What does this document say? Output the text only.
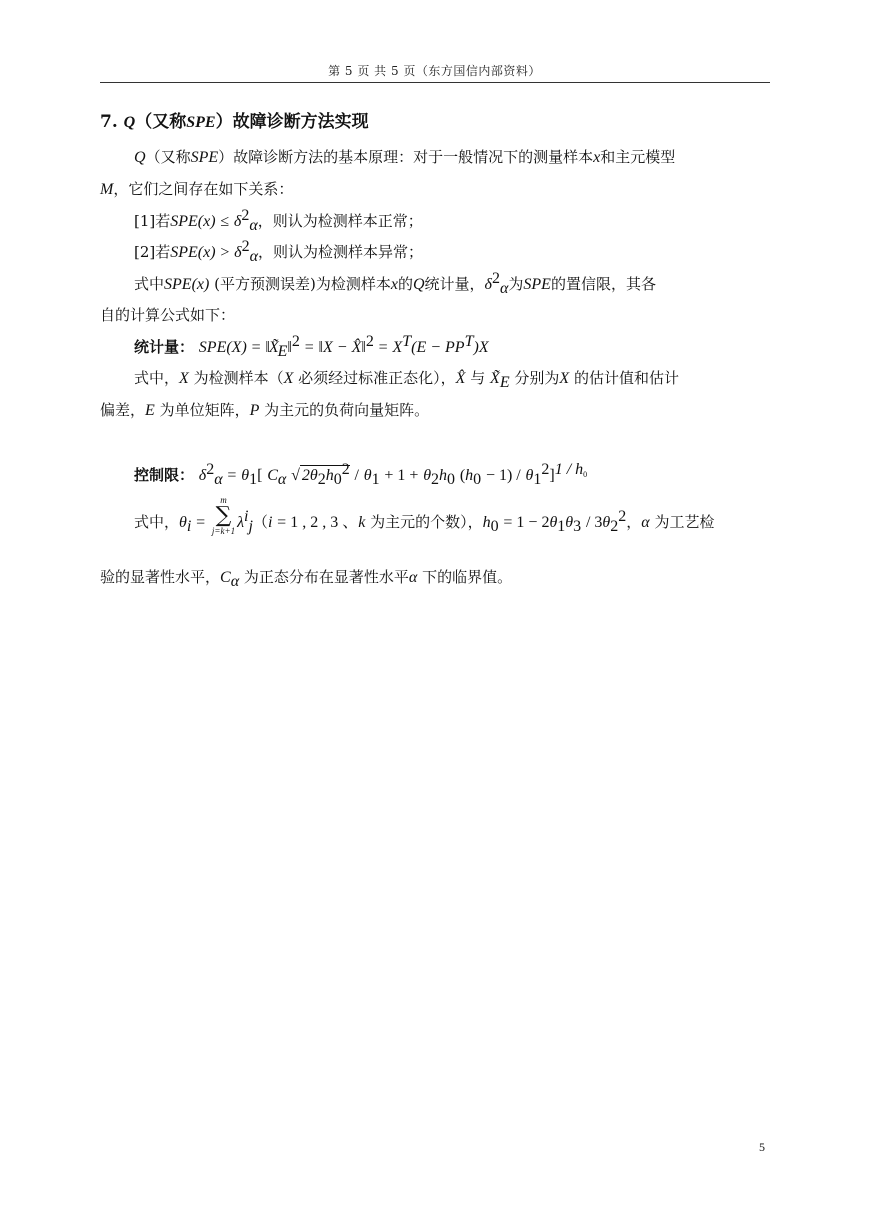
第 5 页 共 5 页（东方国信内部资料）
7. Q（又称SPE）故障诊断方法实现
Q（又称SPE）故障诊断方法的基本原理：对于一般情况下的测量样本x和主元模型
M，它们之间存在如下关系：
[1]若$SPE(x) \le \delta^2_\alpha$，则认为检测样本正常；
[2]若$SPE(x) > \delta^2_\alpha$，则认为检测样本异常；
式中SPE(x) (平方预测误差)为检测样本x的Q统计量，$\delta^2_\alpha$为SPE的置信限，其各
自的计算公式如下：
统计量： $SPE(X) = ‖X̃_E‖^2$ = ‖X − X̂‖$^2$ = $X^T(E - PP^T)X$
式中，X 为检测样本（X 必须经过标准正态化），X̂ 与 $X̃_E$ 分别为X 的估计值和估计
偏差，E 为单位矩阵，P 为主元的负荷向量矩阵。
控制限： $\delta^2_\alpha = \theta_1$[ $C_\alpha$ √ $2\theta_2h_0^2 / \theta_1 + 1 + \theta_2h_0$ $(h_0 - 1) / \theta_1^2]^{1 / h_0}$
式中，$\theta_i$ =
m
∑
j=k+1 $\lambda^i_j(i = 1$ , 2 , 3 、k 为主元的个数），$h_0 = 1 - 2\theta_1\theta_3 / 3\theta_2^2$，α 为工艺检
验的显著性水平，$C_\alpha$ 为正态分布在显著性水平α 下的临界值。
5
